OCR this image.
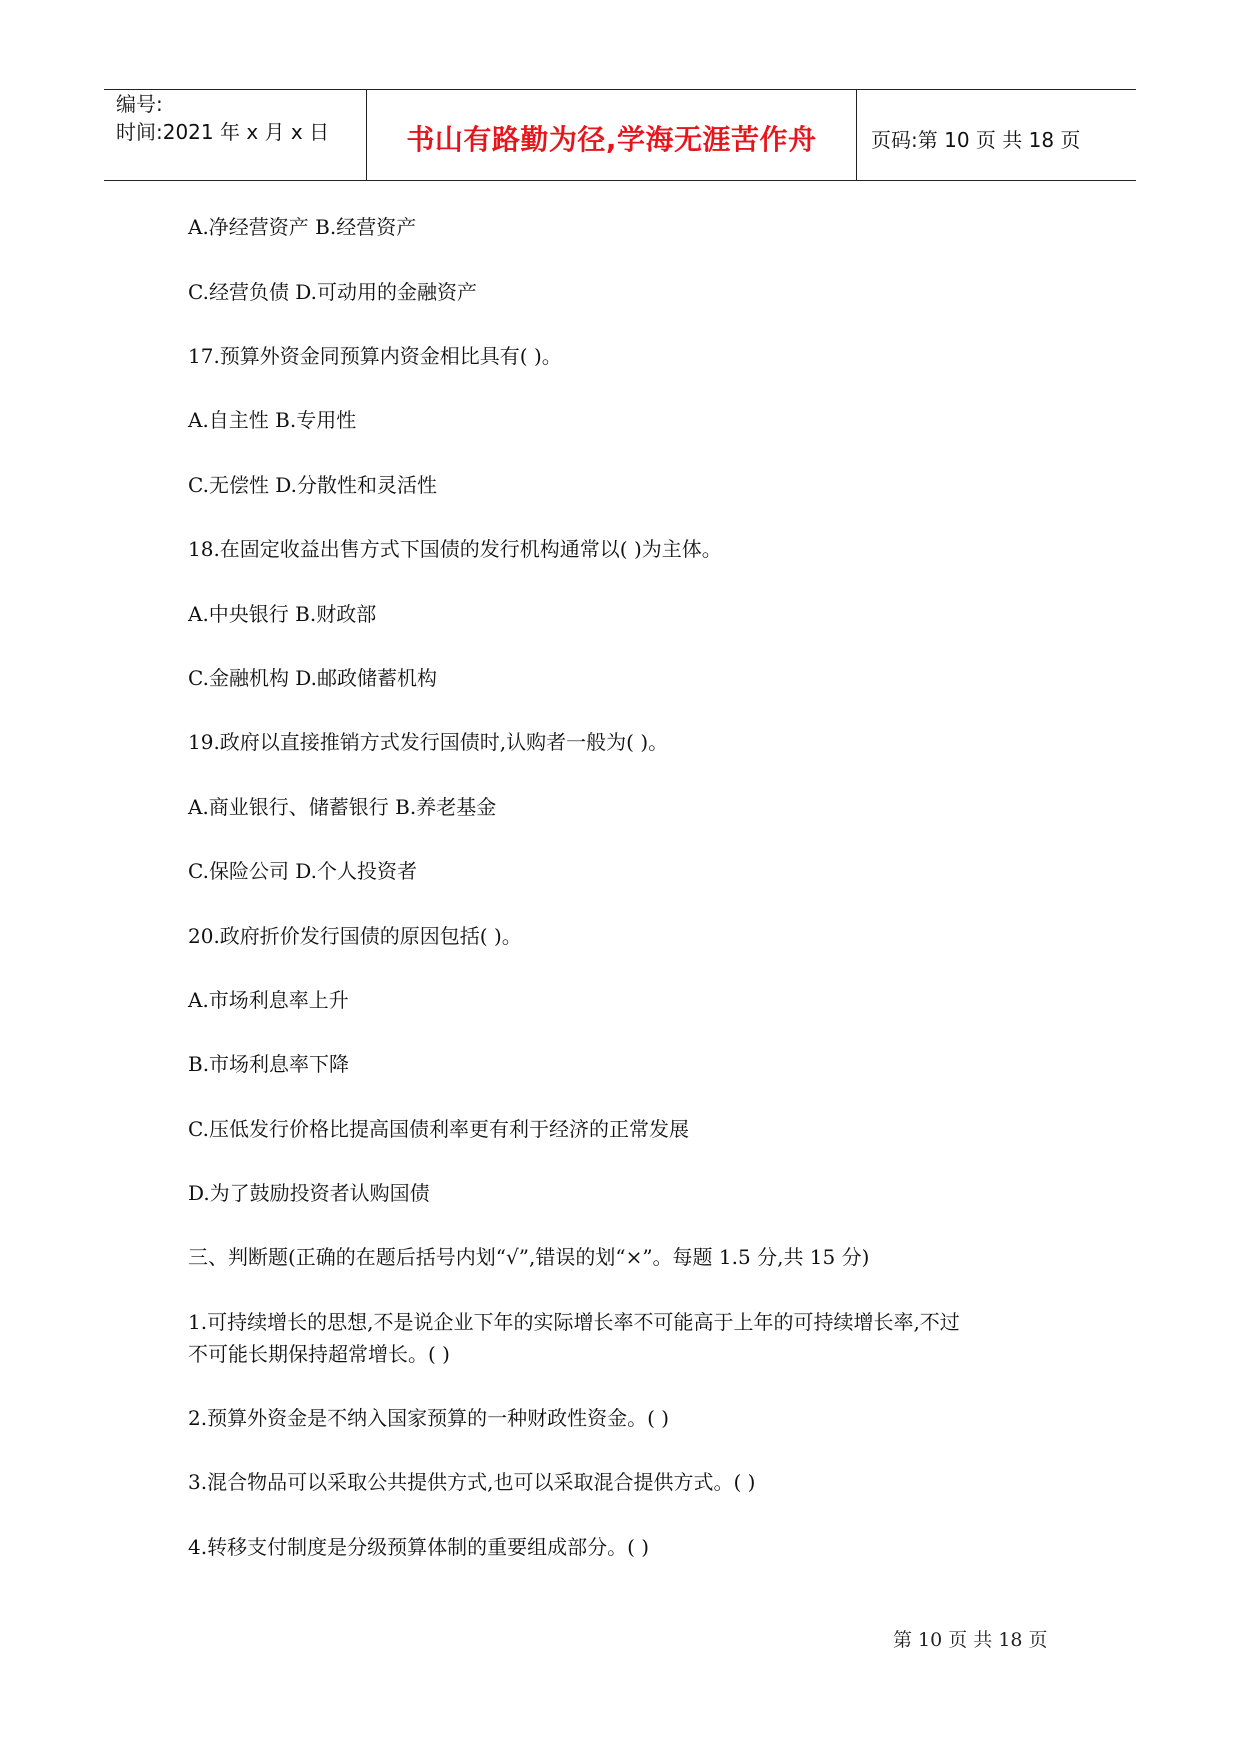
编号:
时间:2021 年 x 月 x 日	书山有路勤为径,学海无涯苦作舟	页码:第 10 页 共 18 页
A.净经营资产 B.经营资产
C.经营负债 D.可动用的金融资产
17.预算外资金同预算内资金相比具有( )。
A.自主性 B.专用性
C.无偿性 D.分散性和灵活性
18.在固定收益出售方式下国债的发行机构通常以( )为主体。
A.中央银行 B.财政部
C.金融机构 D.邮政储蓄机构
19.政府以直接推销方式发行国债时,认购者一般为( )。
A.商业银行、储蓄银行 B.养老基金
C.保险公司 D.个人投资者
20.政府折价发行国债的原因包括( )。
A.市场利息率上升
B.市场利息率下降
C.压低发行价格比提高国债利率更有利于经济的正常发展
D.为了鼓励投资者认购国债
三、判断题(正确的在题后括号内划“√”,错误的划“×”。每题 1.5 分,共 15 分)
1.可持续增长的思想,不是说企业下年的实际增长率不可能高于上年的可持续增长率,不过
不可能长期保持超常增长。( )
2.预算外资金是不纳入国家预算的一种财政性资金。( )
3.混合物品可以采取公共提供方式,也可以采取混合提供方式。( )
4.转移支付制度是分级预算体制的重要组成部分。( )
第 10 页 共 18 页
